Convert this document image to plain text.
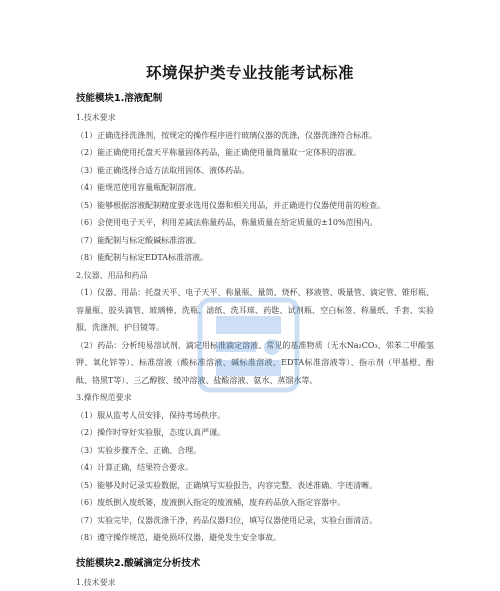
环境保护类专业技能考试标准
技能模块1.溶液配制
1.技术要求
（1）正确选择洗涤剂，按规定的操作程序进行玻璃仪器的洗涤，仪器洗涤符合标准。
（2）能正确使用托盘天平称量固体药品，能正确使用量筒量取一定体积的溶液。
（3）能正确选择合适方法取用固体、液体药品。
（4）能规范使用容量瓶配制溶液。
（5）能够根据溶液配制精度要求选用仪器和相关用品，并正确进行仪器使用前的检查。
（6）会使用电子天平，利用差减法称量药品，称量质量在给定质量的±10%范围内。
（7）能配制与标定酸碱标准溶液。
（8）能配制与标定EDTA标准溶液。
2.仪器、用品和药品
（1）仪器、用品：托盘天平、电子天平、称量瓶、量筒、烧杯、移液管、吸量管、滴定管、锥形瓶、容量瓶、胶头滴管、玻璃棒、洗瓶、滤纸、洗耳球、药匙、试剂瓶、空白标签、称量纸、手套、实验服、洗涤剂、护目镜等。
（2）药品：分析纯易溶试剂、滴定用标准滴定溶液、常见的基准物质（无水Na₂CO₃、邻苯二甲酸氢钾、氧化锌等）、标准溶液（酸标准溶液、碱标准溶液、EDTA标准溶液等）、指示剂（甲基橙、酚酞、铬黑T等）、三乙醇胺、缓冲溶液、盐酸溶液、氨水、蒸馏水等。
3.操作规范要求
（1）服从监考人员安排，保持考场秩序。
（2）操作时穿好实验服，态度认真严谨。
（3）实验步骤齐全、正确、合理。
（4）计算正确，结果符合要求。
（5）能够及时记录实验数据，正确填写实验报告，内容完整、表述准确、字迹清晰。
（6）废纸倒入废纸篓，废液倒入指定的废液桶，废弃药品放入指定容器中。
（7）实验完毕，仪器洗涤干净，药品仪器归位，填写仪器使用记录，实验台面清洁。
（8）遵守操作规范，避免损坏仪器，避免发生安全事故。
技能模块2.酸碱滴定分析技术
1.技术要求
